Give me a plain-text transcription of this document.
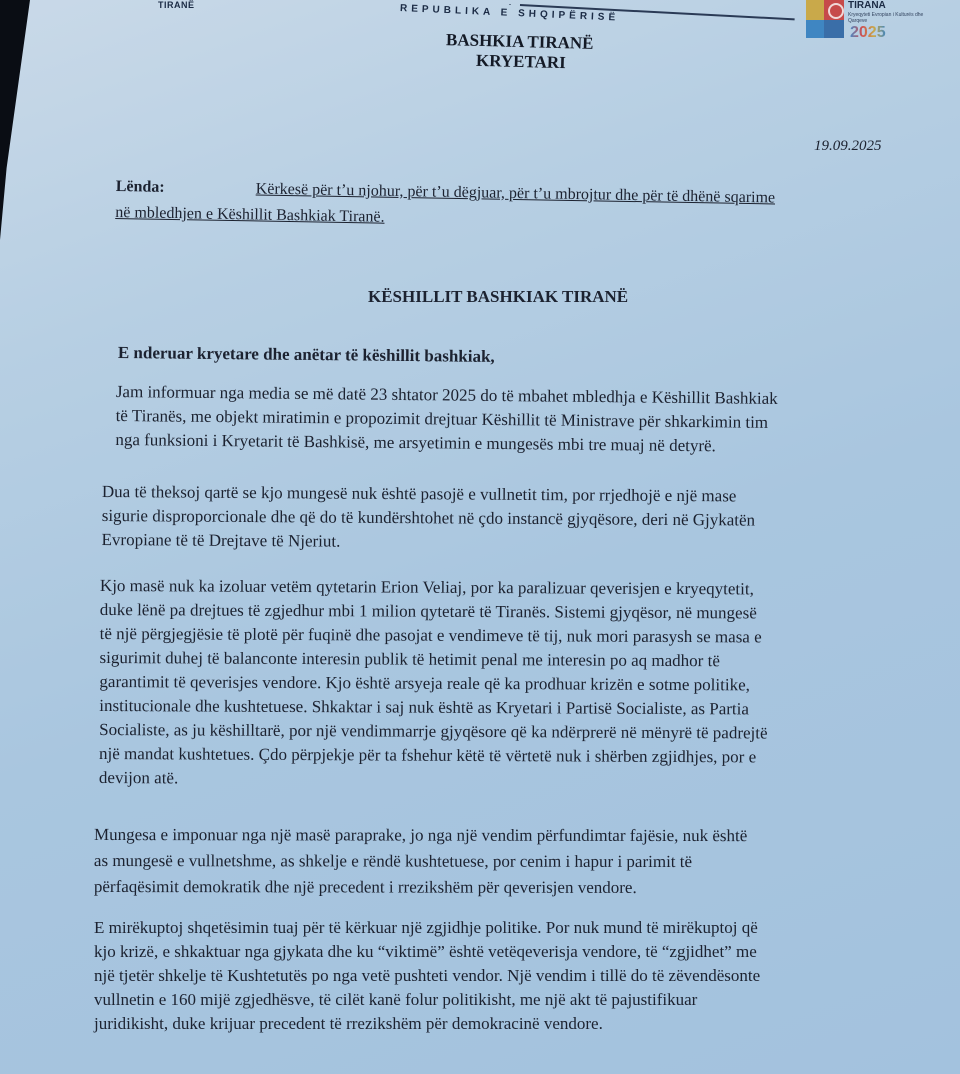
TIRANË	REPUBLIKA E SHQIPËRISË
BASHKIA TIRANË
KRYETARI
TIRANA
Kryeqyteti Evropian i Kulturës dhe Qarqeve
2025
19.09.2025
Lënda:	Kërkesë për t’u njohur, për t’u dëgjuar, për t’u mbrojtur dhe për të dhënë sqarime
në mbledhjen e Këshillit Bashkiak Tiranë.
KËSHILLIT BASHKIAK TIRANË
E nderuar kryetare dhe anëtar të këshillit bashkiak,
Jam informuar nga media se më datë 23 shtator 2025 do të mbahet mbledhja e Këshillit Bashkiak
të Tiranës, me objekt miratimin e propozimit drejtuar Këshillit të Ministrave për shkarkimin tim
nga funksioni i Kryetarit të Bashkisë, me arsyetimin e mungesës mbi tre muaj në detyrë.
Dua të theksoj qartë se kjo mungesë nuk është pasojë e vullnetit tim, por rrjedhojë e një mase
sigurie disproporcionale dhe që do të kundërshtohet në çdo instancë gjyqësore, deri në Gjykatën
Evropiane të të Drejtave të Njeriut.
Kjo masë nuk ka izoluar vetëm qytetarin Erion Veliaj, por ka paralizuar qeverisjen e kryeqytetit,
duke lënë pa drejtues të zgjedhur mbi 1 milion qytetarë të Tiranës. Sistemi gjyqësor, në mungesë
të një përgjegjësie të plotë për fuqinë dhe pasojat e vendimeve të tij, nuk mori parasysh se masa e
sigurimit duhej të balanconte interesin publik të hetimit penal me interesin po aq madhor të
garantimit të qeverisjes vendore. Kjo është arsyeja reale që ka prodhuar krizën e sotme politike,
institucionale dhe kushtetuese. Shkaktar i saj nuk është as Kryetari i Partisë Socialiste, as Partia
Socialiste, as ju këshilltarë, por një vendimmarrje gjyqësore që ka ndërprerë në mënyrë të padrejtë
një mandat kushtetues. Çdo përpjekje për ta fshehur këtë të vërtetë nuk i shërben zgjidhjes, por e
devijon atë.
Mungesa e imponuar nga një masë paraprake, jo nga një vendim përfundimtar fajësie, nuk është
as mungesë e vullnetshme, as shkelje e rëndë kushtetuese, por cenim i hapur i parimit të
përfaqësimit demokratik dhe një precedent i rrezikshëm për qeverisjen vendore.
E mirëkuptoj shqetësimin tuaj për të kërkuar një zgjidhje politike. Por nuk mund të mirëkuptoj që
kjo krizë, e shkaktuar nga gjykata dhe ku “viktimë” është vetëqeverisja vendore, të “zgjidhet” me
një tjetër shkelje të Kushtetutës po nga vetë pushteti vendor. Një vendim i tillë do të zëvendësonte
vullnetin e 160 mijë zgjedhësve, të cilët kanë folur politikisht, me një akt të pajustifikuar
juridikisht, duke krijuar precedent të rrezikshëm për demokracinë vendore.
